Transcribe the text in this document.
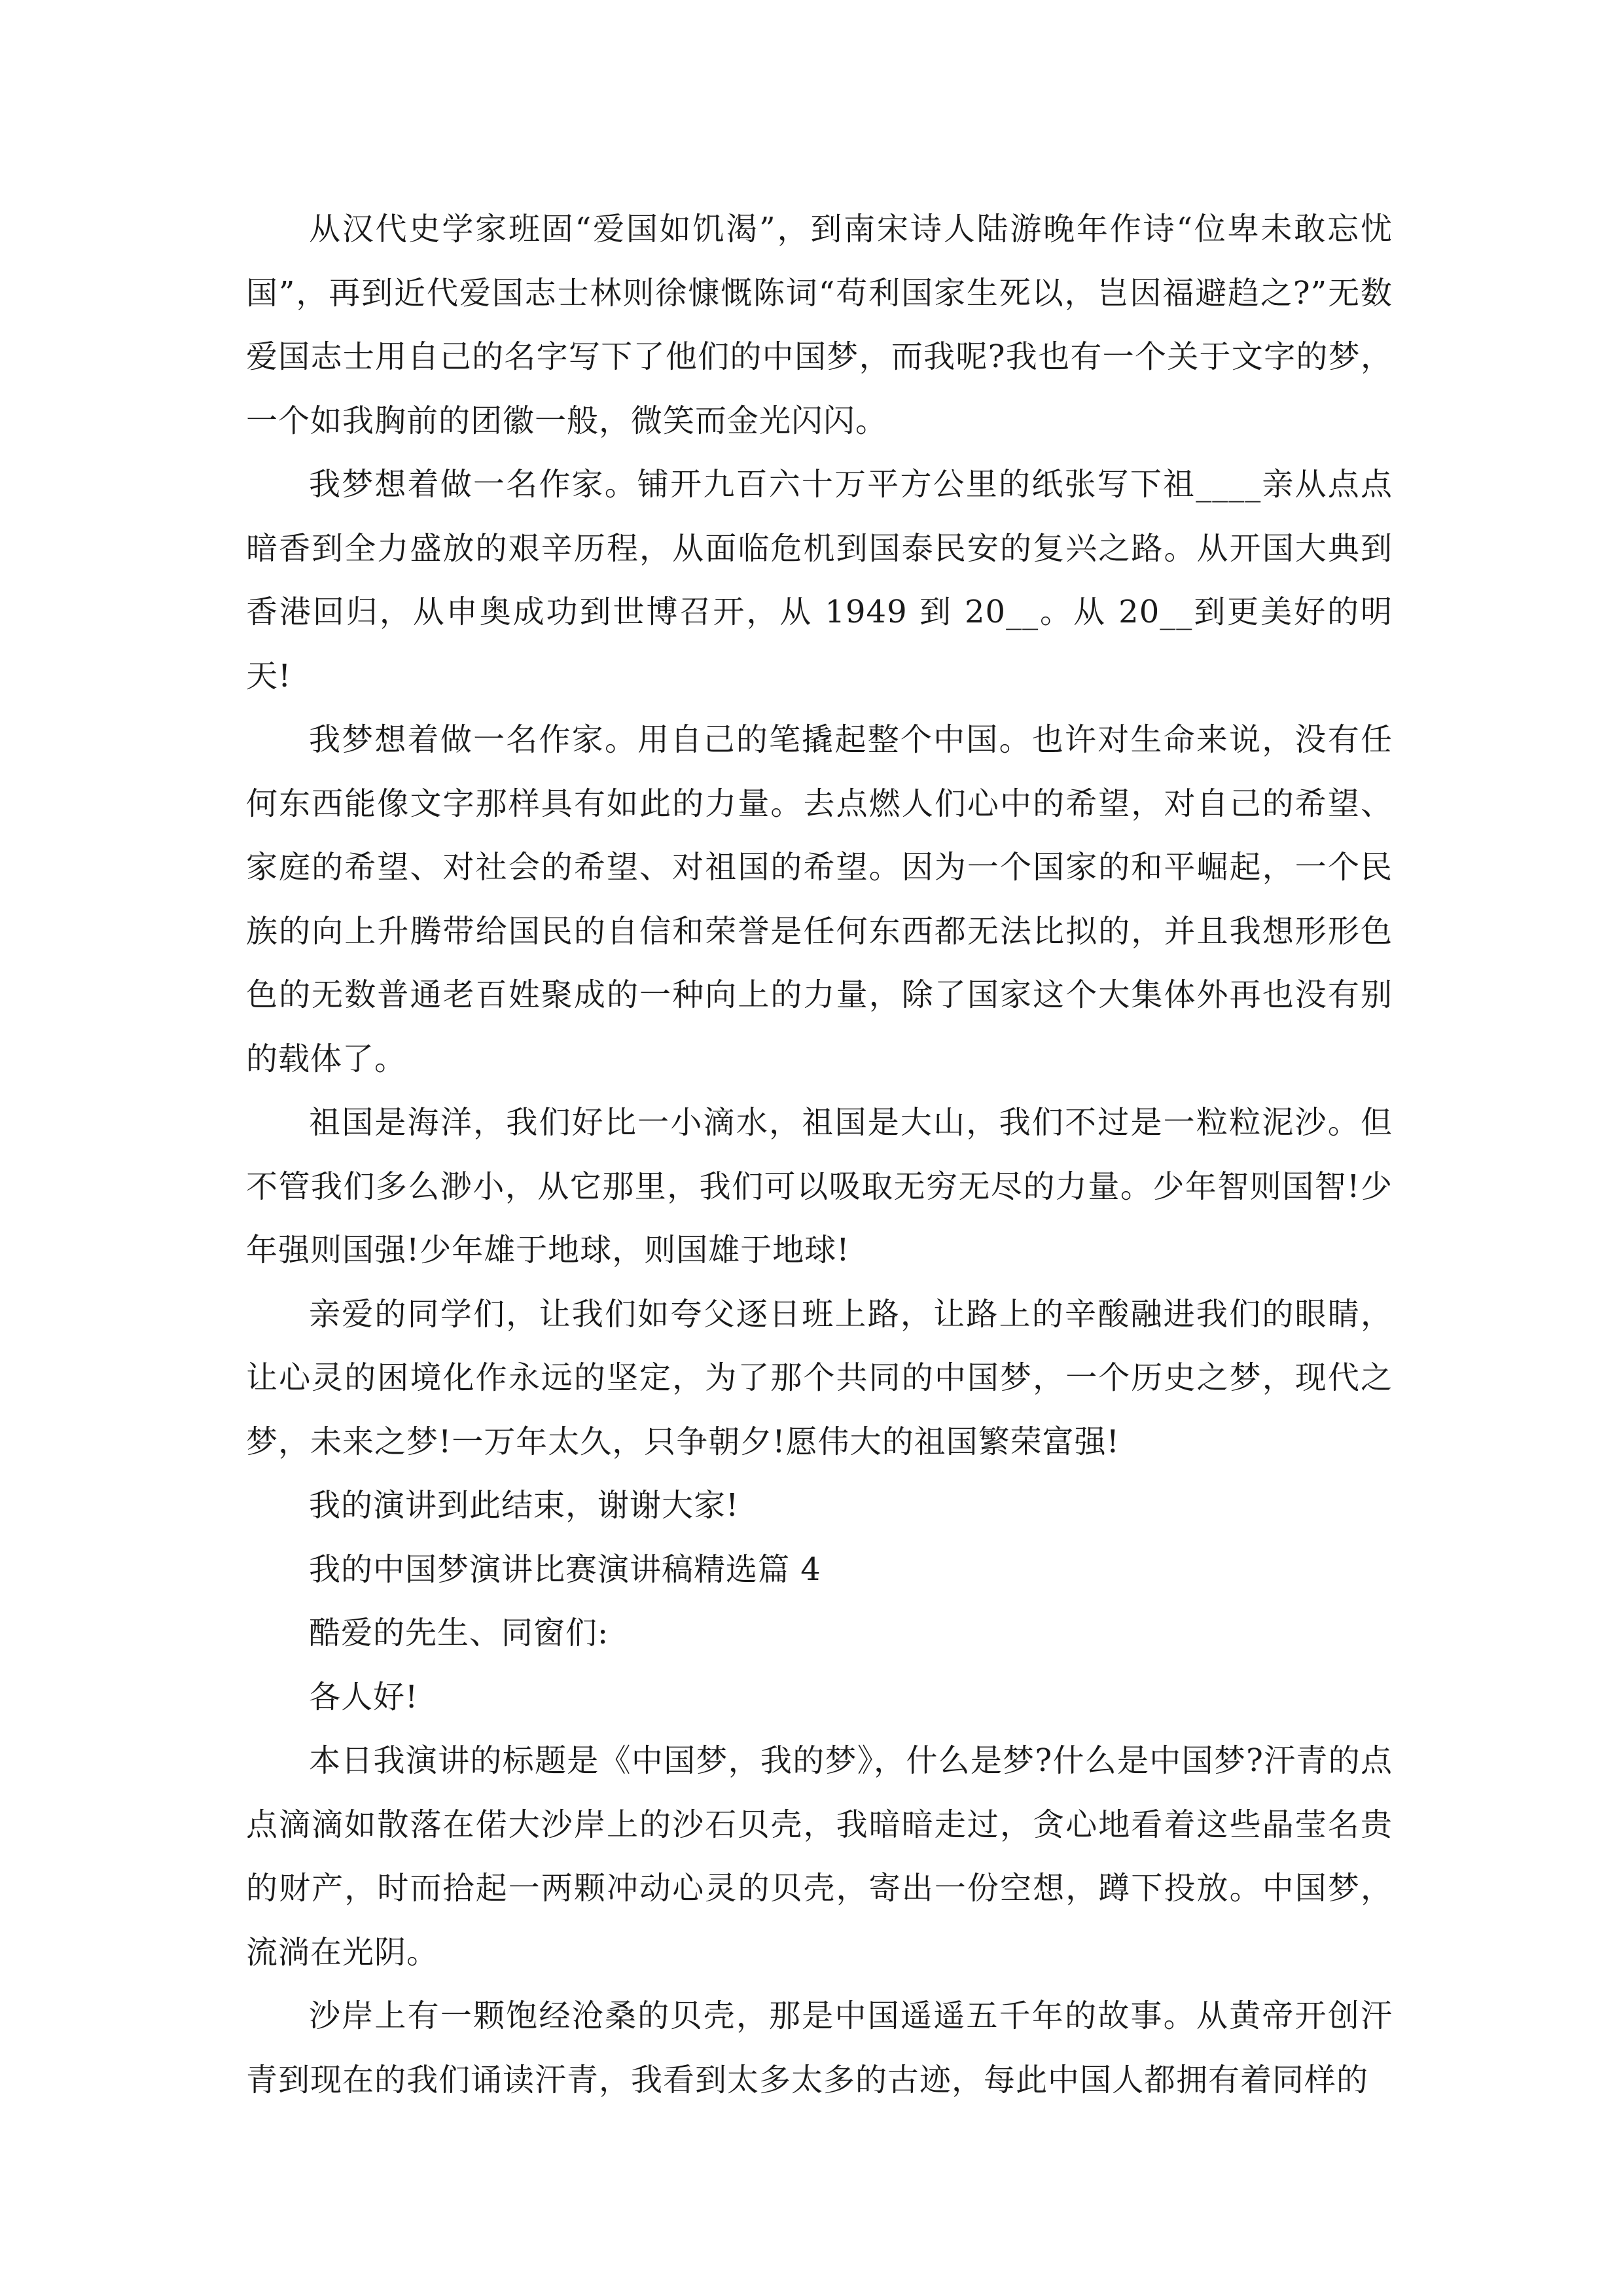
从汉代史学家班固“爱国如饥渴”，到南宋诗人陆游晚年作诗“位卑未敢忘忧国”，再到近代爱国志士林则徐慷慨陈词“苟利国家生死以，岂因福避趋之?”无数爱国志士用自己的名字写下了他们的中国梦，而我呢?我也有一个关于文字的梦，一个如我胸前的团徽一般，微笑而金光闪闪。

我梦想着做一名作家。铺开九百六十万平方公里的纸张写下祖____亲从点点暗香到全力盛放的艰辛历程，从面临危机到国泰民安的复兴之路。从开国大典到香港回归，从申奥成功到世博召开，从 1949 到 20__。从 20__到更美好的明天!

我梦想着做一名作家。用自己的笔撬起整个中国。也许对生命来说，没有任何东西能像文字那样具有如此的力量。去点燃人们心中的希望，对自己的希望、家庭的希望、对社会的希望、对祖国的希望。因为一个国家的和平崛起，一个民族的向上升腾带给国民的自信和荣誉是任何东西都无法比拟的，并且我想形形色色的无数普通老百姓聚成的一种向上的力量，除了国家这个大集体外再也没有别的载体了。

祖国是海洋，我们好比一小滴水，祖国是大山，我们不过是一粒粒泥沙。但不管我们多么渺小，从它那里，我们可以吸取无穷无尽的力量。少年智则国智!少年强则国强!少年雄于地球，则国雄于地球!

亲爱的同学们，让我们如夸父逐日班上路，让路上的辛酸融进我们的眼睛，让心灵的困境化作永远的坚定，为了那个共同的中国梦，一个历史之梦，现代之梦，未来之梦!一万年太久，只争朝夕!愿伟大的祖国繁荣富强!

我的演讲到此结束，谢谢大家!

我的中国梦演讲比赛演讲稿精选篇 4

酷爱的先生、同窗们:

各人好!

本日我演讲的标题是《中国梦，我的梦》，什么是梦?什么是中国梦?汗青的点点滴滴如散落在偌大沙岸上的沙石贝壳，我暗暗走过，贪心地看着这些晶莹名贵的财产，时而拾起一两颗冲动心灵的贝壳，寄出一份空想，蹲下投放。中国梦，流淌在光阴。

沙岸上有一颗饱经沧桑的贝壳，那是中国遥遥五千年的故事。从黄帝开创汗青到现在的我们诵读汗青，我看到太多太多的古迹，每此中国人都拥有着同样的
